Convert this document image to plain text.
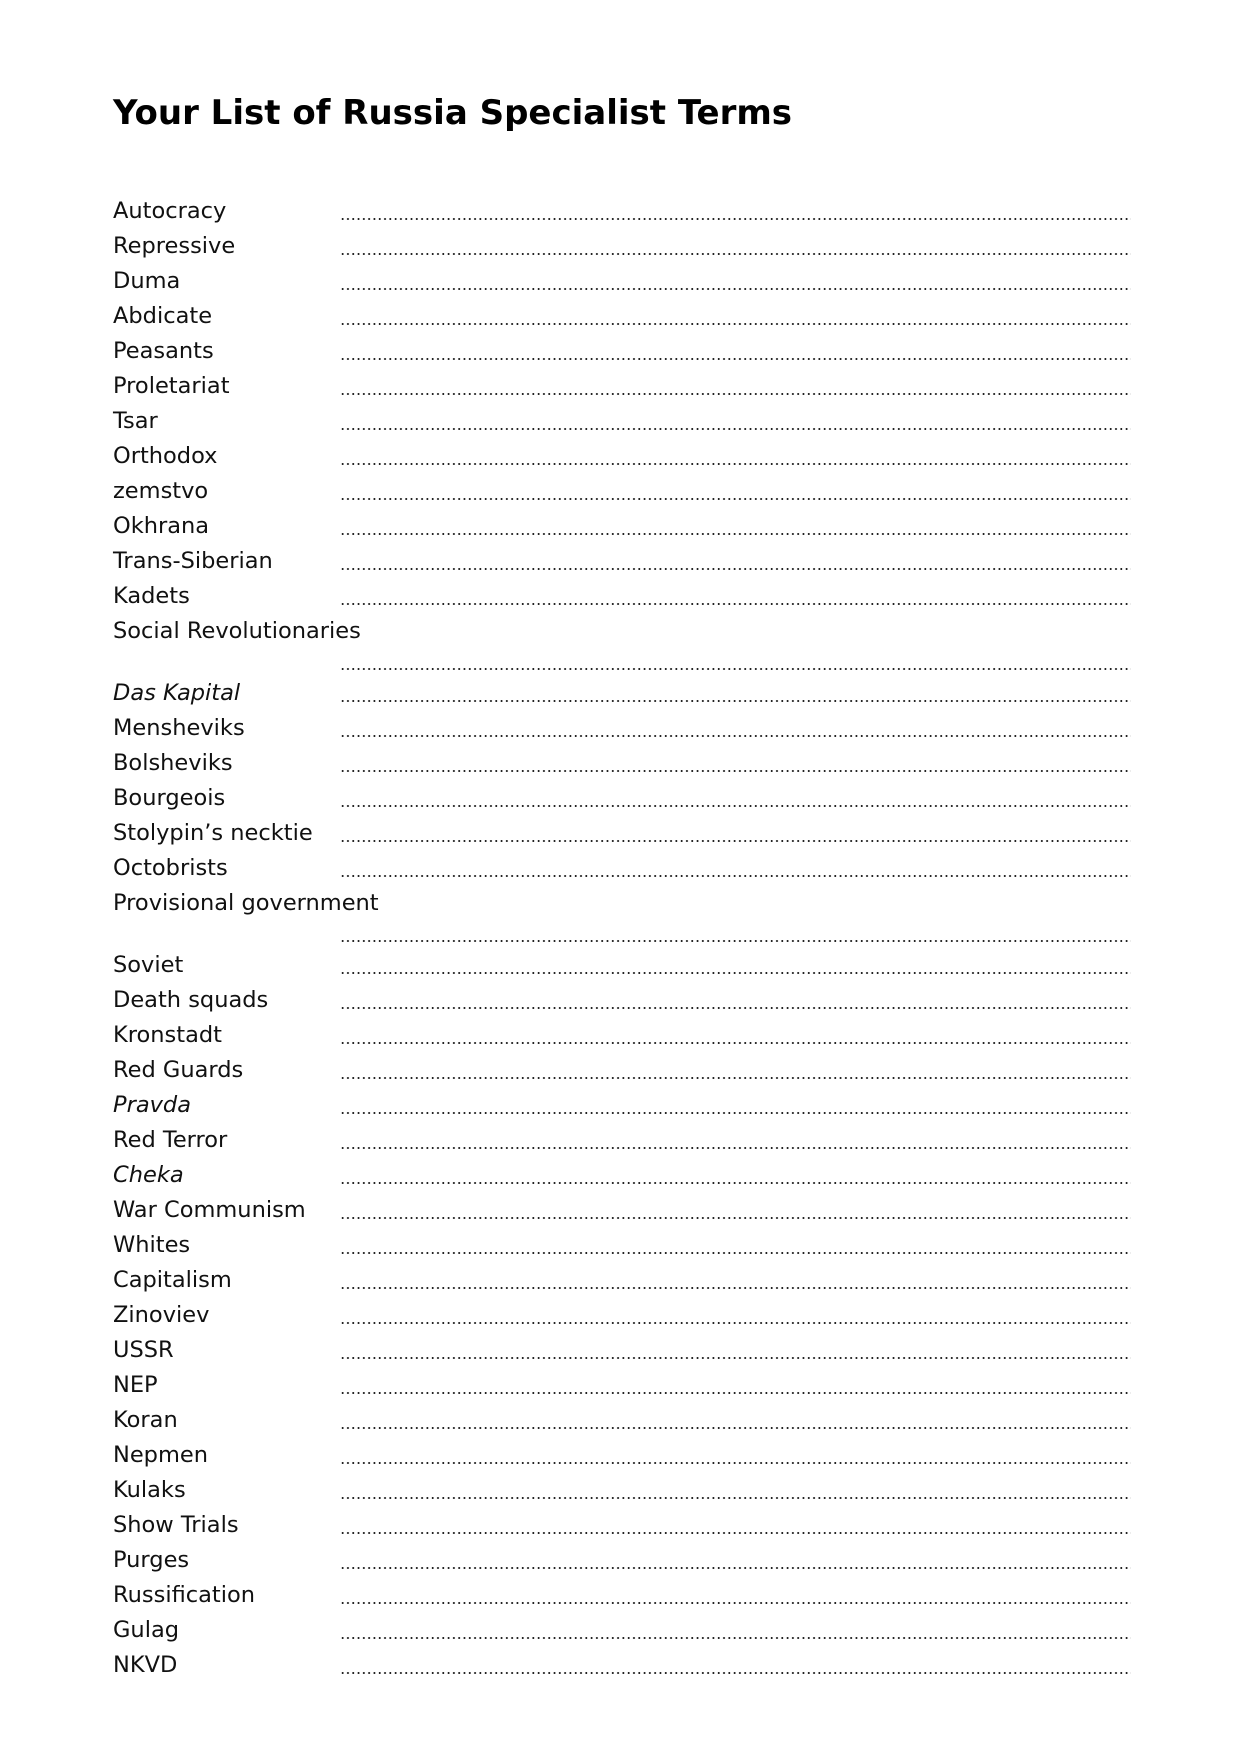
Your List of Russia Specialist Terms
Autocracy
Repressive
Duma
Abdicate
Peasants
Proletariat
Tsar
Orthodox
zemstvo
Okhrana
Trans-Siberian
Kadets
Social Revolutionaries
Das Kapital
Mensheviks
Bolsheviks
Bourgeois
Stolypin’s necktie
Octobrists
Provisional government
Soviet
Death squads
Kronstadt
Red Guards
Pravda
Red Terror
Cheka
War Communism
Whites
Capitalism
Zinoviev
USSR
NEP
Koran
Nepmen
Kulaks
Show Trials
Purges
Russification
Gulag
NKVD
